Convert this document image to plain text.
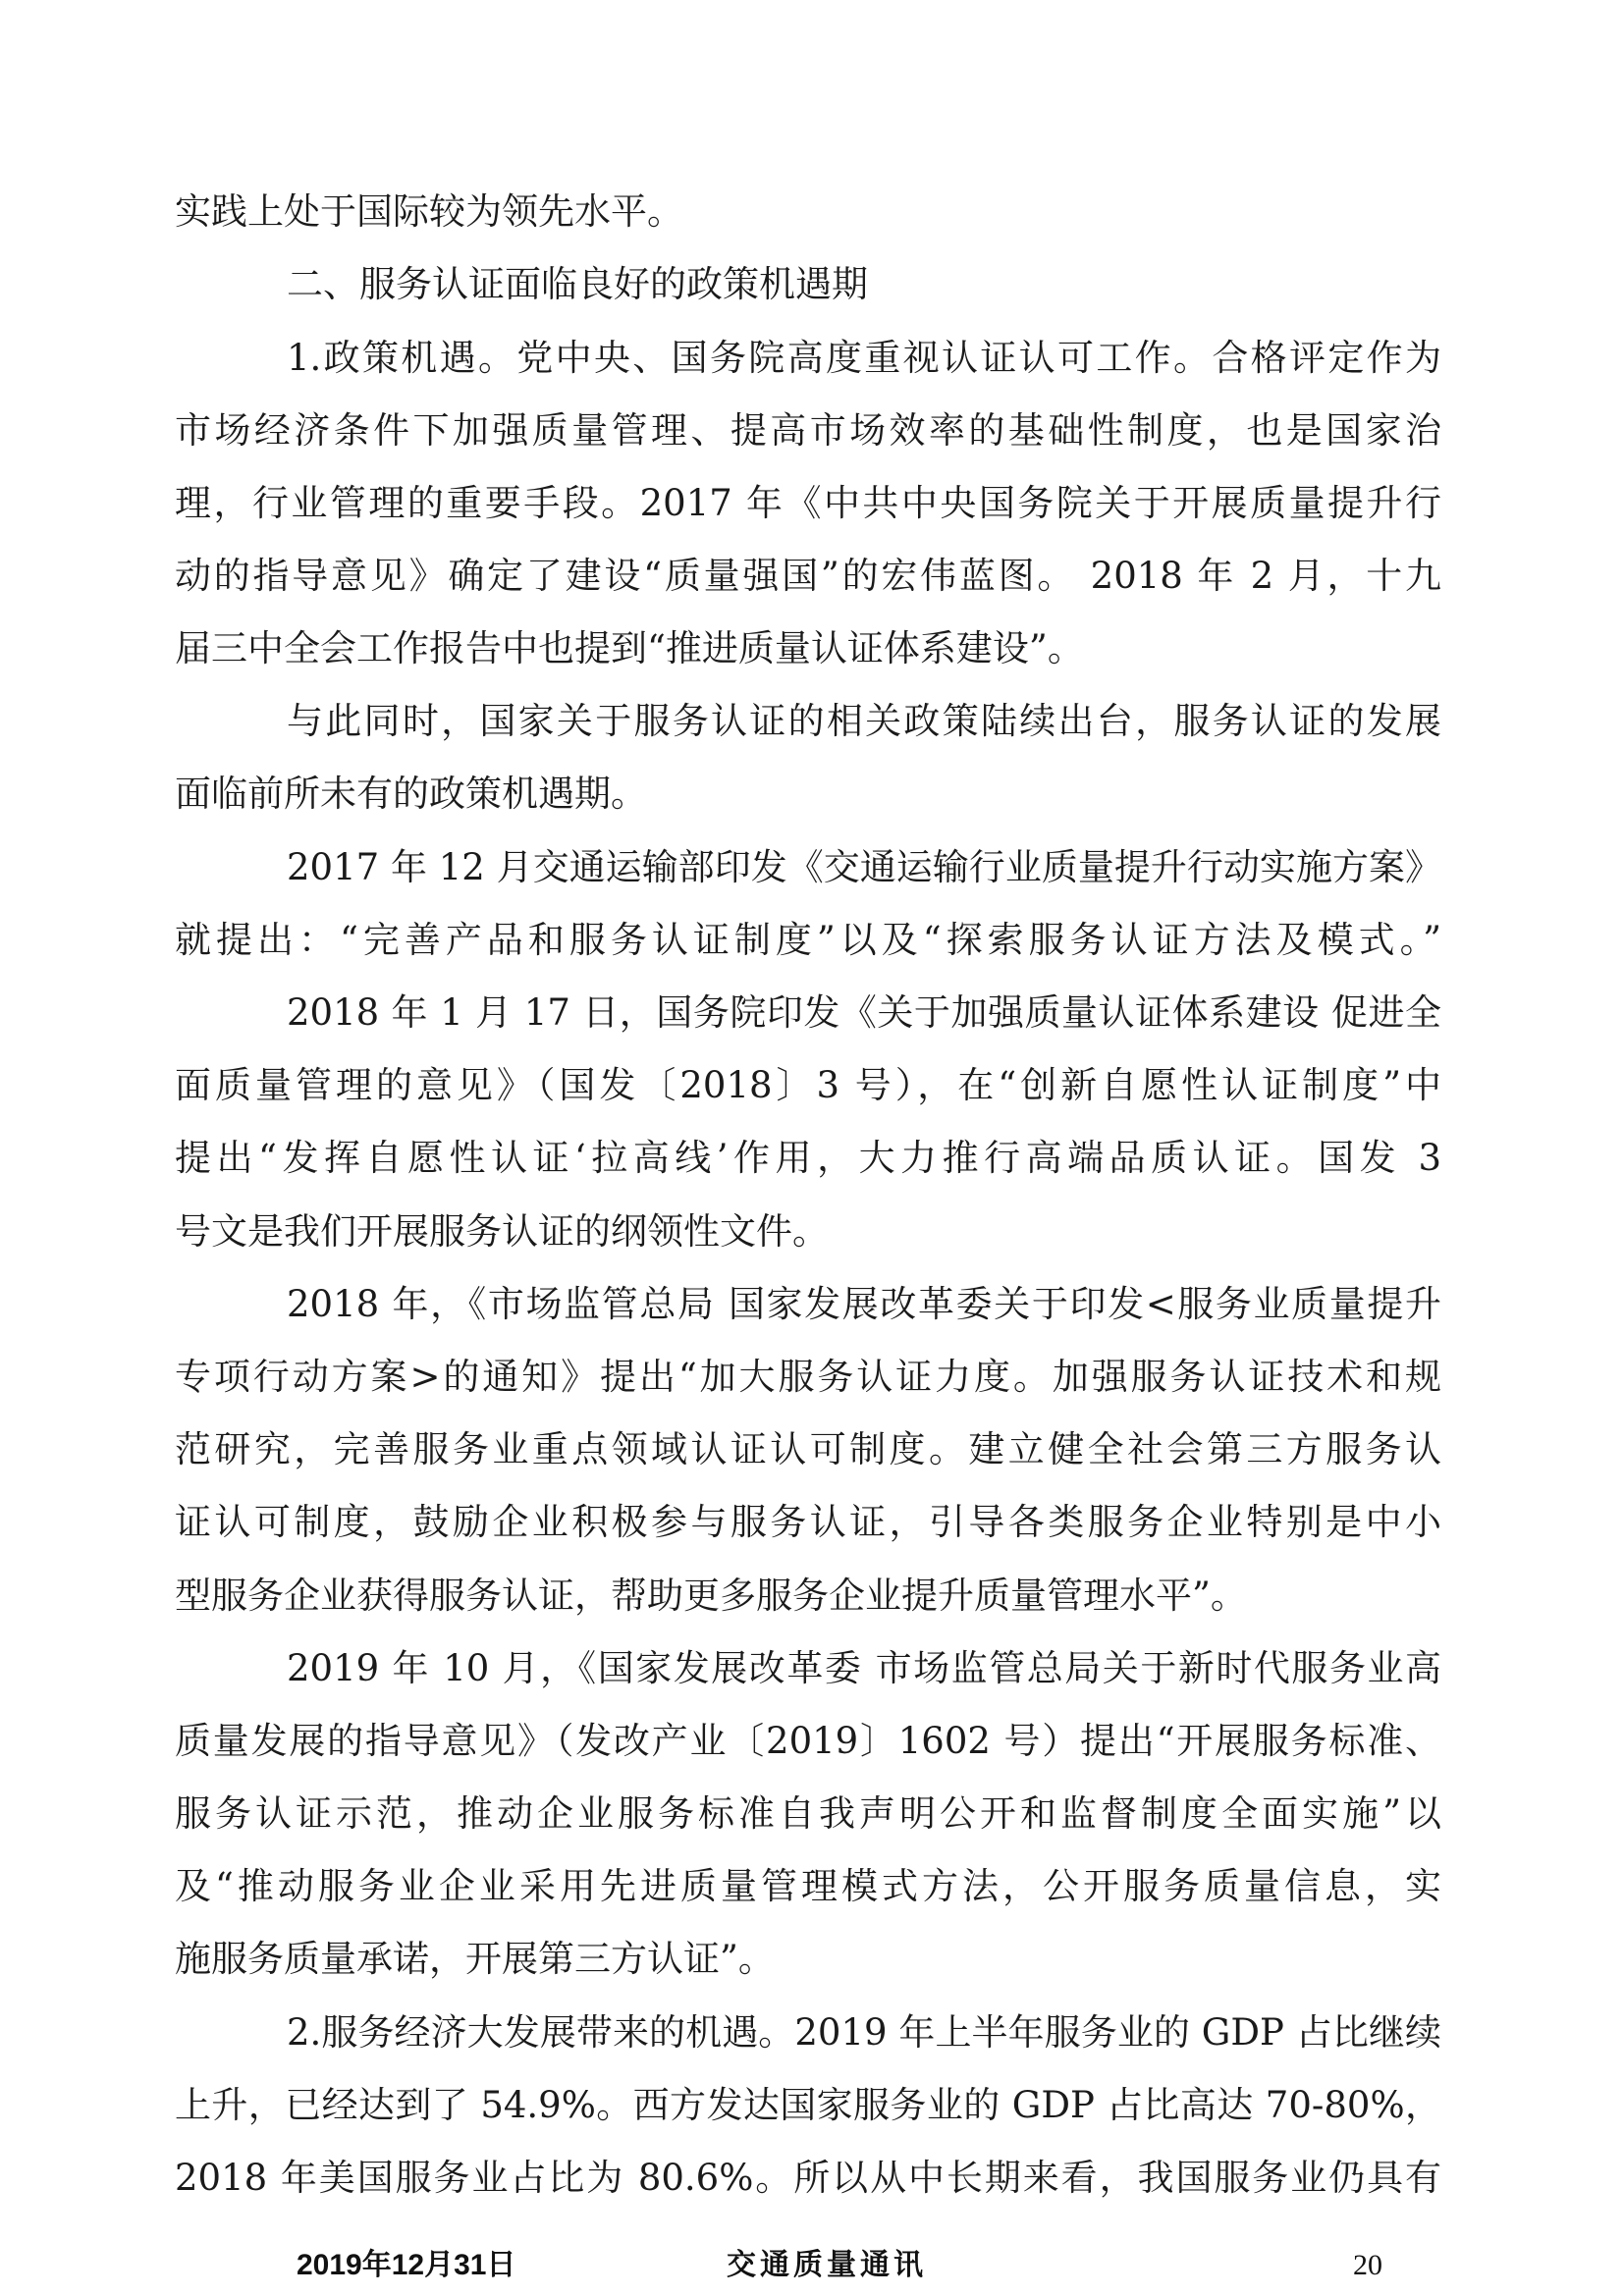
实践上处于国际较为领先水平。
二、服务认证面临良好的政策机遇期
1.政策机遇。党中央、国务院高度重视认证认可工作。合格评定作为
市场经济条件下加强质量管理、提高市场效率的基础性制度，也是国家治
理，行业管理的重要手段。2017 年《中共中央国务院关于开展质量提升行
动的指导意见》确定了建设“质量强国”的宏伟蓝图。 2018 年 2 月，十九
届三中全会工作报告中也提到“推进质量认证体系建设”。
与此同时，国家关于服务认证的相关政策陆续出台，服务认证的发展
面临前所未有的政策机遇期。
2017 年 12 月交通运输部印发《交通运输行业质量提升行动实施方案》
就提出：“完善产品和服务认证制度”以及“探索服务认证方法及模式。”
2018 年 1 月 17 日，国务院印发《关于加强质量认证体系建设 促进全
面质量管理的意见》（国发〔2018〕3 号），在“创新自愿性认证制度”中
提出“发挥自愿性认证‘拉高线’作用，大力推行高端品质认证。国发 3
号文是我们开展服务认证的纲领性文件。
2018 年，《市场监管总局 国家发展改革委关于印发<服务业质量提升
专项行动方案>的通知》提出“加大服务认证力度。加强服务认证技术和规
范研究，完善服务业重点领域认证认可制度。建立健全社会第三方服务认
证认可制度，鼓励企业积极参与服务认证，引导各类服务企业特别是中小
型服务企业获得服务认证，帮助更多服务企业提升质量管理水平”。
2019 年 10 月，《国家发展改革委 市场监管总局关于新时代服务业高
质量发展的指导意见》（发改产业〔2019〕1602 号）提出“开展服务标准、
服务认证示范，推动企业服务标准自我声明公开和监督制度全面实施”以
及“推动服务业企业采用先进质量管理模式方法，公开服务质量信息，实
施服务质量承诺，开展第三方认证”。
2.服务经济大发展带来的机遇。2019 年上半年服务业的 GDP 占比继续
上升，已经达到了 54.9%。西方发达国家服务业的 GDP 占比高达 70-80%，
2018 年美国服务业占比为 80.6%。所以从中长期来看，我国服务业仍具有
2019年12月31日	交通质量通讯	20
